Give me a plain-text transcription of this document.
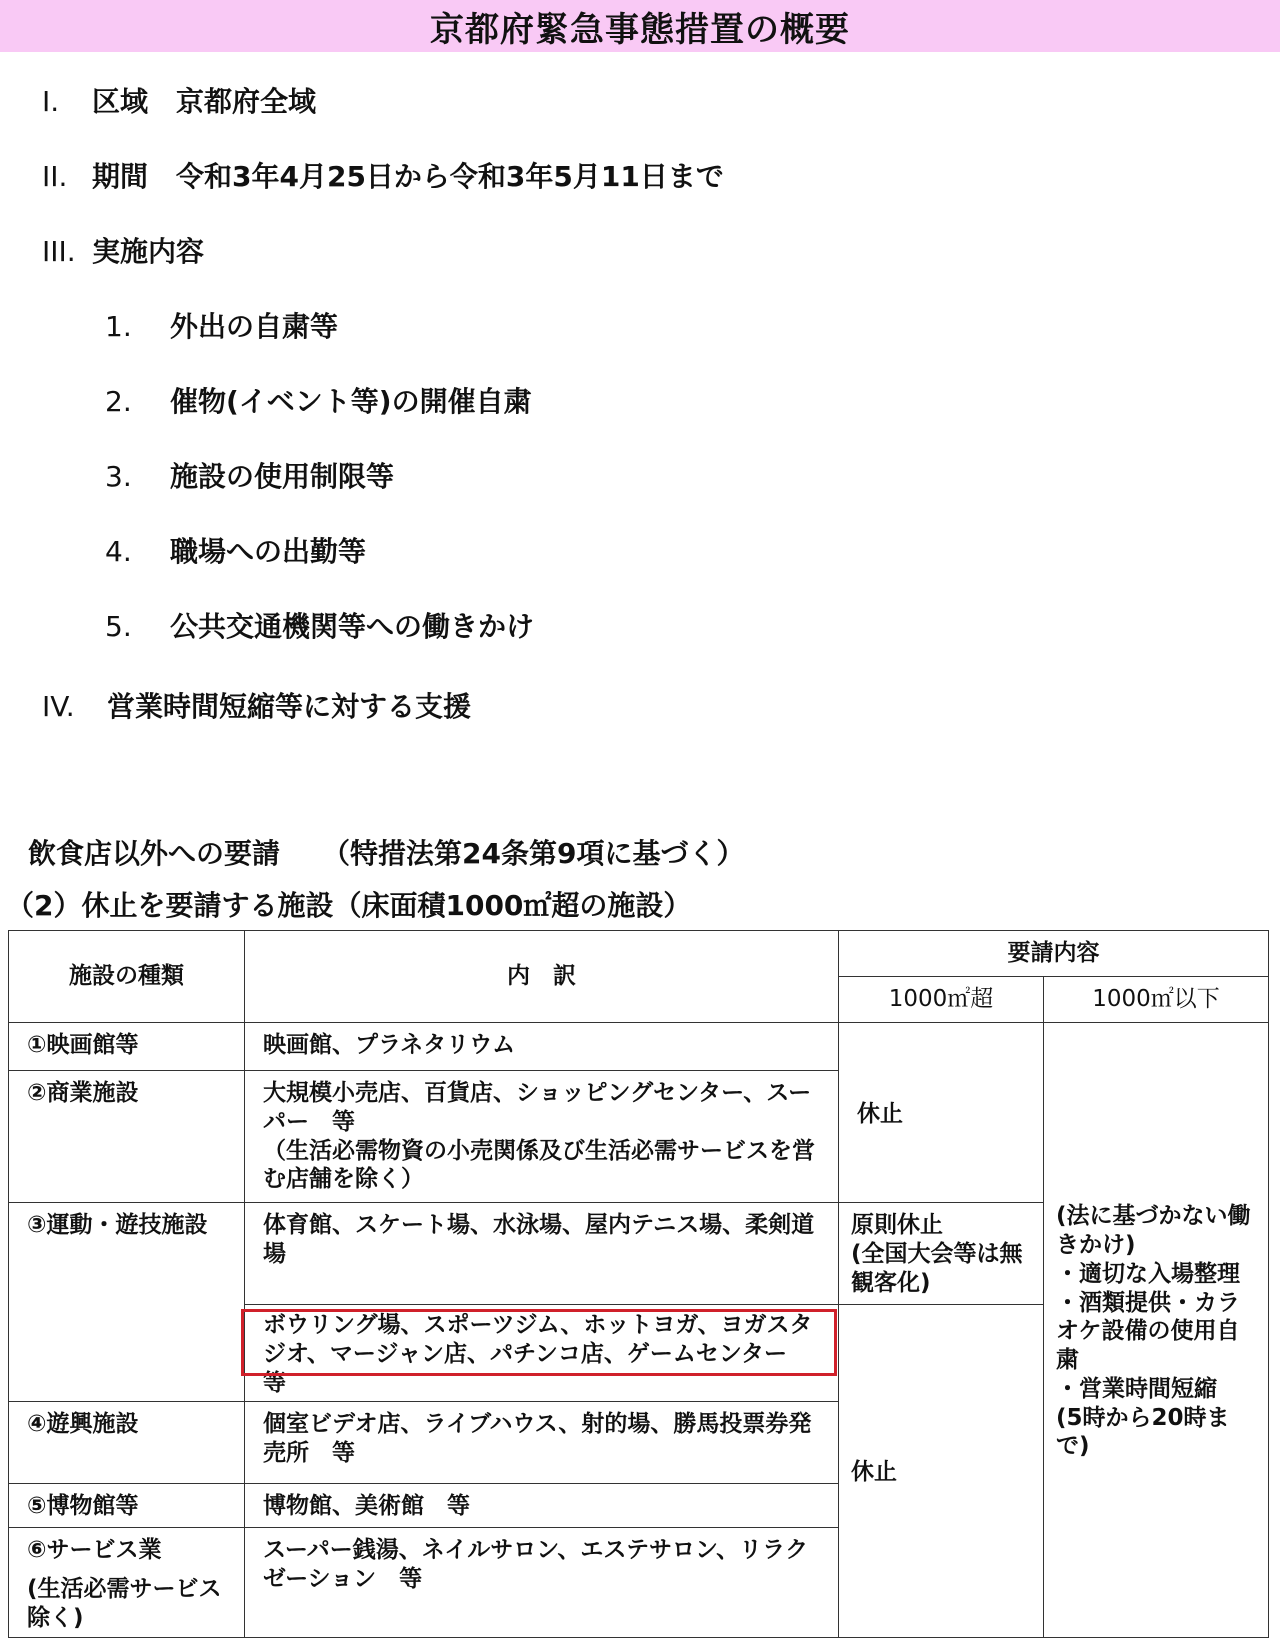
京都府緊急事態措置の概要
I. 区域　京都府全域
II. 期間　令和3年4月25日から令和3年5月11日まで
III. 実施内容
1. 外出の自粛等
2. 催物(イベント等)の開催自粛
3. 施設の使用制限等
4. 職場への出勤等
5. 公共交通機関等への働きかけ
IV. 営業時間短縮等に対する支援
飲食店以外への要請　　（特措法第24条第9項に基づく）
（2）休止を要請する施設（床面積1000㎡超の施設）
施設の種類	内　訳	要請内容	
		1000㎡超	1000㎡以下
①映画館等	映画館、プラネタリウム	休止	(法に基づかない働きかけ)
・適切な入場整理
・酒類提供・カラオケ設備の使用自粛
・営業時間短縮
(5時から20時まで)

②商業施設	大規模小売店、百貨店、ショッピングセンター、スーパー　等
（生活必需物資の小売関係及び生活必需サービスを営む店舗を除く）		

③運動・遊技施設	体育館、スケート場、水泳場、屋内テニス場、柔剣道場	原則休止
(全国大会等は無観客化)	

	ボウリング場、スポーツジム、ホットヨガ、ヨガスタジオ、マージャン店、パチンコ店、ゲームセンター　等	休止	
④遊興施設	個室ビデオ店、ライブハウス、射的場、勝馬投票券発売所　等		
⑤博物館等	博物館、美術館　等		

⑥サービス業
(生活必需サービス除く)	スーパー銭湯、ネイルサロン、エステサロン、リラクゼーション　等		
